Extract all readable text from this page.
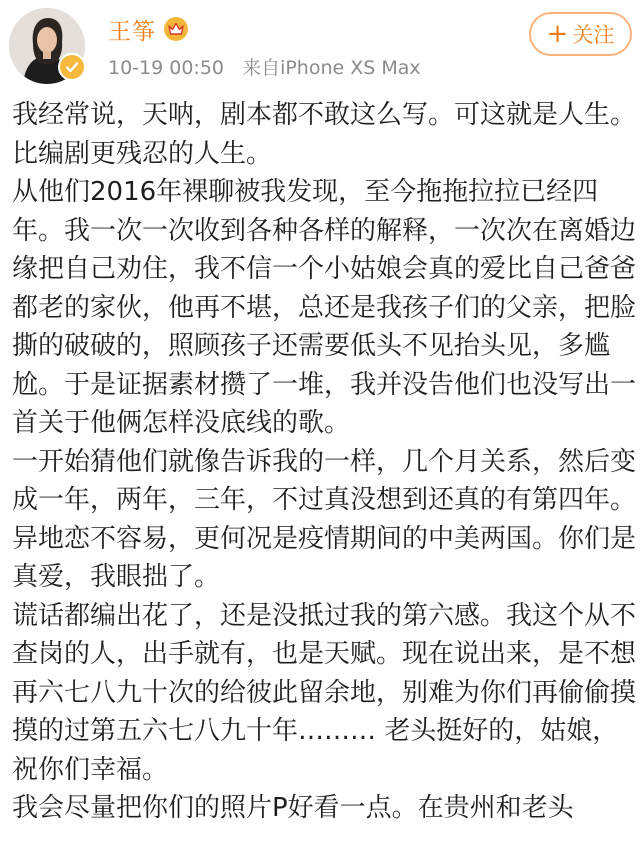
王筝
10-19 00:50 来自iPhone XS Max
+ 关注

我经常说，天呐，剧本都不敢这么写。可这就是人生。比编剧更残忍的人生。

从他们2016年裸聊被我发现，至今拖拖拉拉已经四年。我一次一次收到各种各样的解释，一次次在离婚边缘把自己劝住，我不信一个小姑娘会真的爱比自己爸爸都老的家伙，他再不堪，总还是我孩子们的父亲，把脸撕的破破的，照顾孩子还需要低头不见抬头见，多尴尬。于是证据素材攒了一堆，我并没告他们也没写出一首关于他俩怎样没底线的歌。

一开始猜他们就像告诉我的一样，几个月关系，然后变成一年，两年，三年，不过真没想到还真的有第四年。异地恋不容易，更何况是疫情期间的中美两国。你们是真爱，我眼拙了。

谎话都编出花了，还是没抵过我的第六感。我这个从不查岗的人，出手就有，也是天赋。现在说出来，是不想再六七八九十次的给彼此留余地，别难为你们再偷偷摸摸的过第五六七八九十年……… 老头挺好的，姑娘，祝你们幸福。

我会尽量把你们的照片P好看一点。在贵州和老头
